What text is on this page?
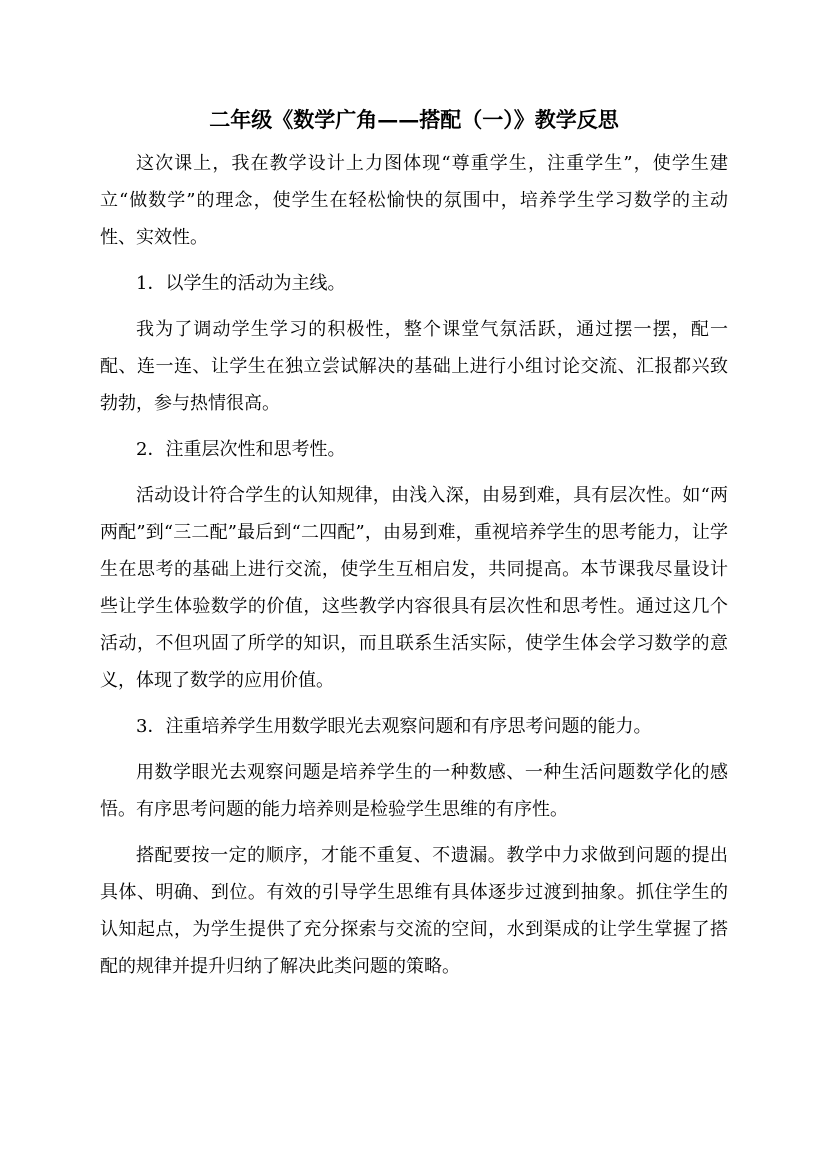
二年级《数学广角——搭配（一）》教学反思

这次课上，我在教学设计上力图体现“尊重学生，注重学生”，使学生建立“做数学”的理念，使学生在轻松愉快的氛围中，培养学生学习数学的主动性、实效性。

1．以学生的活动为主线。

我为了调动学生学习的积极性，整个课堂气氛活跃，通过摆一摆，配一配、连一连、让学生在独立尝试解决的基础上进行小组讨论交流、汇报都兴致勃勃，参与热情很高。

2．注重层次性和思考性。

活动设计符合学生的认知规律，由浅入深，由易到难，具有层次性。如“两两配”到“三二配”最后到“二四配”，由易到难，重视培养学生的思考能力，让学生在思考的基础上进行交流，使学生互相启发，共同提高。本节课我尽量设计些让学生体验数学的价值，这些教学内容很具有层次性和思考性。通过这几个活动，不但巩固了所学的知识，而且联系生活实际，使学生体会学习数学的意义，体现了数学的应用价值。

3．注重培养学生用数学眼光去观察问题和有序思考问题的能力。

用数学眼光去观察问题是培养学生的一种数感、一种生活问题数学化的感悟。有序思考问题的能力培养则是检验学生思维的有序性。

搭配要按一定的顺序，才能不重复、不遗漏。教学中力求做到问题的提出具体、明确、到位。有效的引导学生思维有具体逐步过渡到抽象。抓住学生的认知起点，为学生提供了充分探索与交流的空间，水到渠成的让学生掌握了搭配的规律并提升归纳了解决此类问题的策略。
